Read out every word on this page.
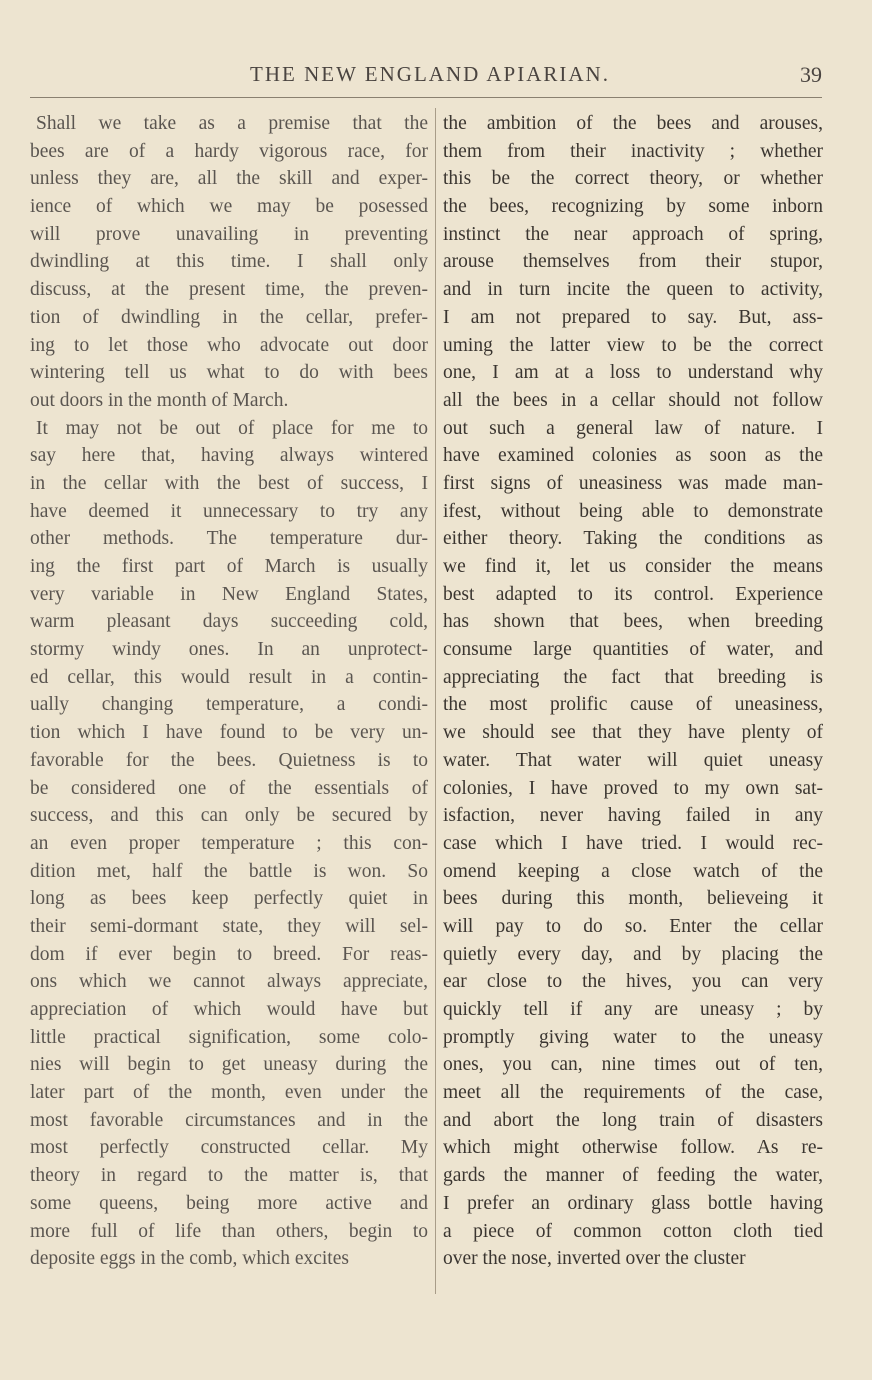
THE NEW ENGLAND APIARIAN.	39
Shall we take as a premise that the
bees are of a hardy vigorous race, for
unless they are, all the skill and exper-
ience of which we may be posessed
will prove unavailing in preventing
dwindling at this time. I shall only
discuss, at the present time, the preven-
tion of dwindling in the cellar, prefer-
ing to let those who advocate out door
wintering tell us what to do with bees
out doors in the month of March.
It may not be out of place for me to
say here that, having always wintered
in the cellar with the best of success, I
have deemed it unnecessary to try any
other methods. The temperature dur-
ing the first part of March is usually
very variable in New England States,
warm pleasant days succeeding cold,
stormy windy ones. In an unprotect-
ed cellar, this would result in a contin-
ually changing temperature, a condi-
tion which I have found to be very un-
favorable for the bees. Quietness is to
be considered one of the essentials of
success, and this can only be secured by
an even proper temperature ; this con-
dition met, half the battle is won. So
long as bees keep perfectly quiet in
their semi-dormant state, they will sel-
dom if ever begin to breed. For reas-
ons which we cannot always appreciate,
appreciation of which would have but
little practical signification, some colo-
nies will begin to get uneasy during the
later part of the month, even under the
most favorable circumstances and in the
most perfectly constructed cellar. My
theory in regard to the matter is, that
some queens, being more active and
more full of life than others, begin to
deposite eggs in the comb, which excites
the ambition of the bees and arouses,
them from their inactivity ; whether
this be the correct theory, or whether
the bees, recognizing by some inborn
instinct the near approach of spring,
arouse themselves from their stupor,
and in turn incite the queen to activity,
I am not prepared to say. But, ass-
uming the latter view to be the correct
one, I am at a loss to understand why
all the bees in a cellar should not follow
out such a general law of nature. I
have examined colonies as soon as the
first signs of uneasiness was made man-
ifest, without being able to demonstrate
either theory. Taking the conditions as
we find it, let us consider the means
best adapted to its control. Experience
has shown that bees, when breeding
consume large quantities of water, and
appreciating the fact that breeding is
the most prolific cause of uneasiness,
we should see that they have plenty of
water. That water will quiet uneasy
colonies, I have proved to my own sat-
isfaction, never having failed in any
case which I have tried. I would rec-
omend keeping a close watch of the
bees during this month, believeing it
will pay to do so. Enter the cellar
quietly every day, and by placing the
ear close to the hives, you can very
quickly tell if any are uneasy ; by
promptly giving water to the uneasy
ones, you can, nine times out of ten,
meet all the requirements of the case,
and abort the long train of disasters
which might otherwise follow. As re-
gards the manner of feeding the water,
I prefer an ordinary glass bottle having
a piece of common cotton cloth tied
over the nose, inverted over the cluster
